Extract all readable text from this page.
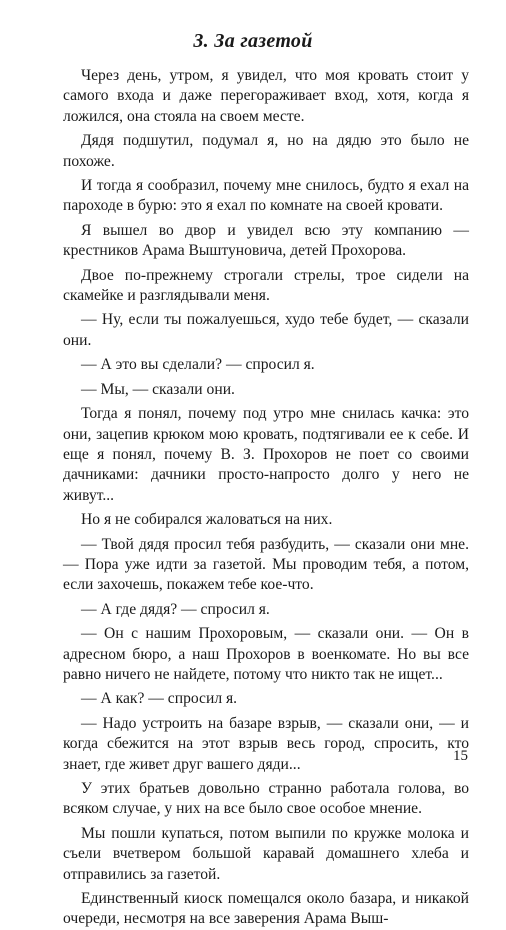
3. За газетой

Через день, утром, я увидел, что моя кровать стоит у самого входа и даже перегораживает вход, хотя, когда я ложился, она стояла на своем месте.

Дядя подшутил, подумал я, но на дядю это было не похоже.

И тогда я сообразил, почему мне снилось, будто я ехал на пароходе в бурю: это я ехал по комнате на своей кровати.

Я вышел во двор и увидел всю эту компанию — крестников Арама Выштуновича, детей Прохорова.

Двое по-прежнему строгали стрелы, трое сидели на скамейке и разглядывали меня.

— Ну, если ты пожалуешься, худо тебе будет, — сказали они.

— А это вы сделали? — спросил я.

— Мы, — сказали они.

Тогда я понял, почему под утро мне снилась качка: это они, зацепив крюком мою кровать, подтягивали ее к себе. И еще я понял, почему В. З. Прохоров не поет со своими дачниками: дачники просто-напросто долго у него не живут...

Но я не собирался жаловаться на них.

— Твой дядя просил тебя разбудить, — сказали они мне. — Пора уже идти за газетой. Мы проводим тебя, а потом, если захочешь, покажем тебе кое-что.

— А где дядя? — спросил я.

— Он с нашим Прохоровым, — сказали они. — Он в адресном бюро, а наш Прохоров в военкомате. Но вы все равно ничего не найдете, потому что никто так не ищет...

— А как? — спросил я.

— Надо устроить на базаре взрыв, — сказали они, — и когда сбежится на этот взрыв весь город, спросить, кто знает, где живет друг вашего дяди...

У этих братьев довольно странно работала голова, во всяком случае, у них на все было свое особое мнение.

Мы пошли купаться, потом выпили по кружке молока и съели вчетвером большой каравай домашнего хлеба и отправились за газетой.

Единственный киоск помещался около базара, и никакой очереди, несмотря на все заверения Арама Выш-

15
